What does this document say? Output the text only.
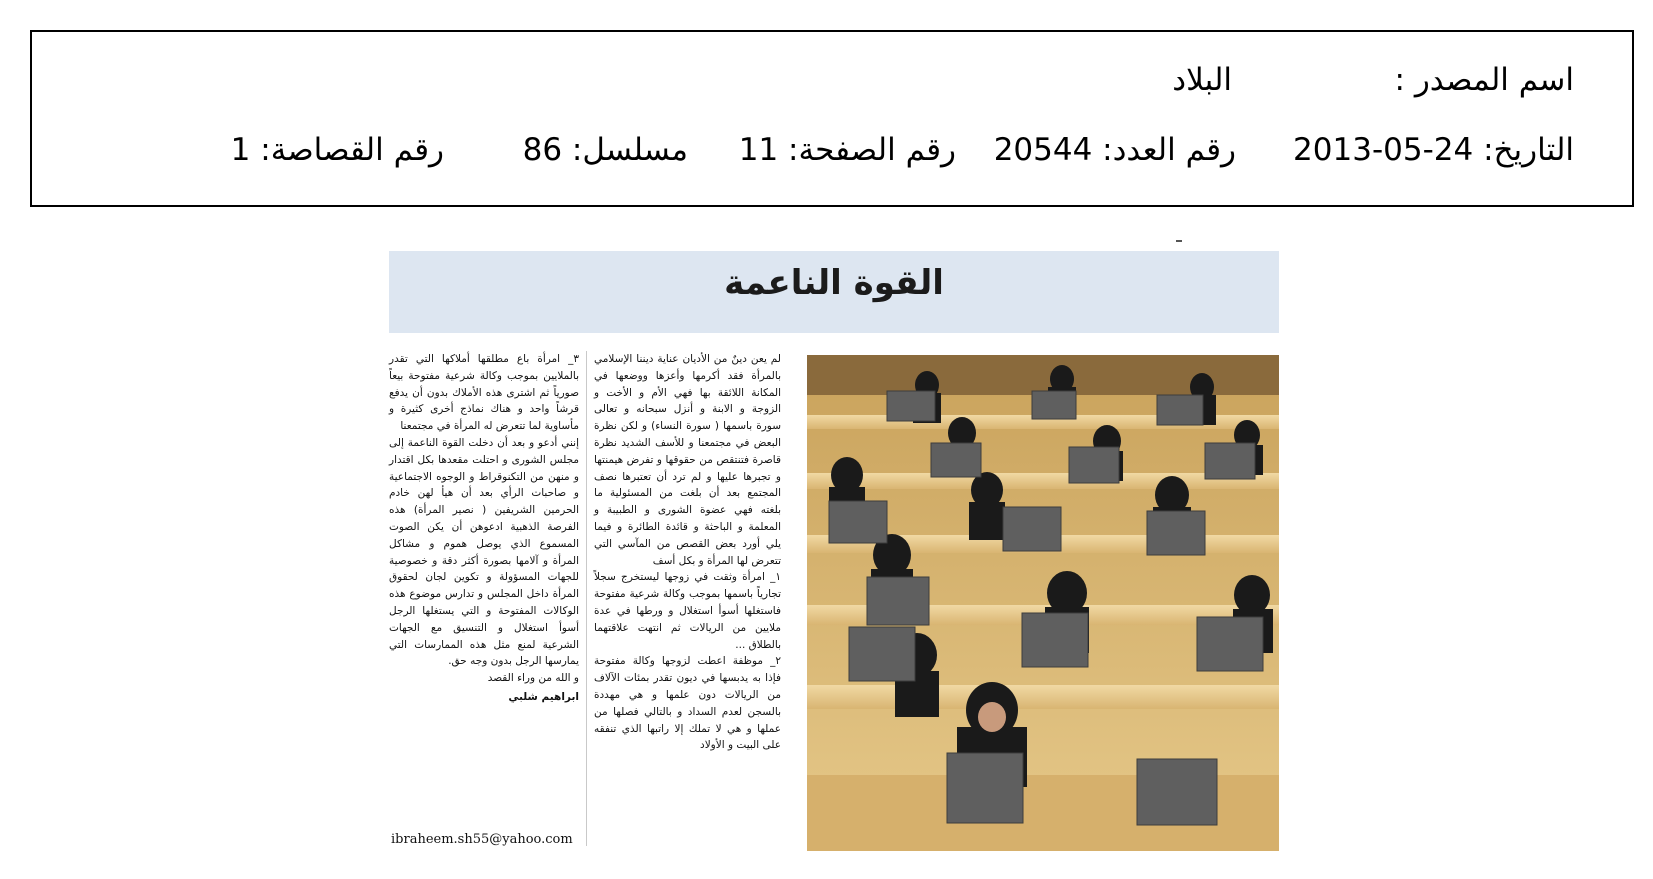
اسم المصدر :
البلاد
التاريخ: 24-05-2013
رقم العدد: 20544
رقم الصفحة: 11
مسلسل: 86
رقم القصاصة: 1
القوة الناعمة

لم يعن دينٌ من الأديان عناية ديننا الإسلامي بالمرأة فقد أكرمها وأعزها ووضعها في المكانة اللائقة بها فهي الأم و الأخت و الزوجة و الابنة و أنزل سبحانه و تعالى سورة باسمها ( سورة النساء) و لكن نظرة البعض في مجتمعنا و للأسف الشديد نظرة قاصرة فتنتقص من حقوقها و تفرض هيمنتها و تجبرها عليها و لم ترد أن تعتبرها نصف المجتمع بعد أن بلغت من المسئولية ما بلغته فهي عضوة الشورى و الطبيبة و المعلمة و الباحثة و قائدة الطائرة و فيما يلي أورد بعض القصص من المآسي التي تتعرض لها المرأة و بكل أسف

١_ امرأة وثقت في زوجها ليستخرج سجلاً تجارياً باسمها بموجب وكالة شرعية مفتوحة فاستغلها أسوأ استغلال و ورطها في عدة ملايين من الريالات ثم انتهت علاقتهما بالطلاق ...

٢_ موظفة اعطت لزوجها وكالة مفتوحة فإذا به يدبسها في ديون تقدر بمئات الآلاف من الريالات دون علمها و هي مهددة بالسجن لعدم السداد و بالتالي فصلها من عملها و هي لا تملك إلا راتبها الذي تنفقه على البيت و الأولاد

٣_ امرأة باع مطلقها أملاكها التي تقدر بالملايين بموجب وكالة شرعية مفتوحة بيعاً صورياً ثم اشترى هذه الأملاك بدون أن يدفع قرشاً واحد و هناك نماذج أخرى كثيرة و مأساوية لما تتعرض له المرأة في مجتمعنا

إنني أدعو و بعد أن دخلت القوة الناعمة إلى مجلس الشورى و احتلت مقعدها بكل اقتدار و منهن من التكنوقراط و الوجوه الاجتماعية و صاحبات الرأي بعد أن هيأ لهن خادم الحرمين الشريفين ( نصير المرأة) هذه الفرصة الذهبية ادعوهن أن يكن الصوت المسموع الذي يوصل هموم و مشاكل المرأة و آلامها بصورة أكثر دقة و خصوصية للجهات المسؤولة و تكوين لجان لحقوق المرأة داخل المجلس و تدارس موضوع هذه الوكالات المفتوحة و التي يستغلها الرجل أسوأ استغلال و التنسيق مع الجهات الشرعية لمنع مثل هذه الممارسات التي يمارسها الرجل بدون وجه حق.

و الله من وراء القصد

ابراهيم شلبي

ibraheem.sh55@yahoo.com
